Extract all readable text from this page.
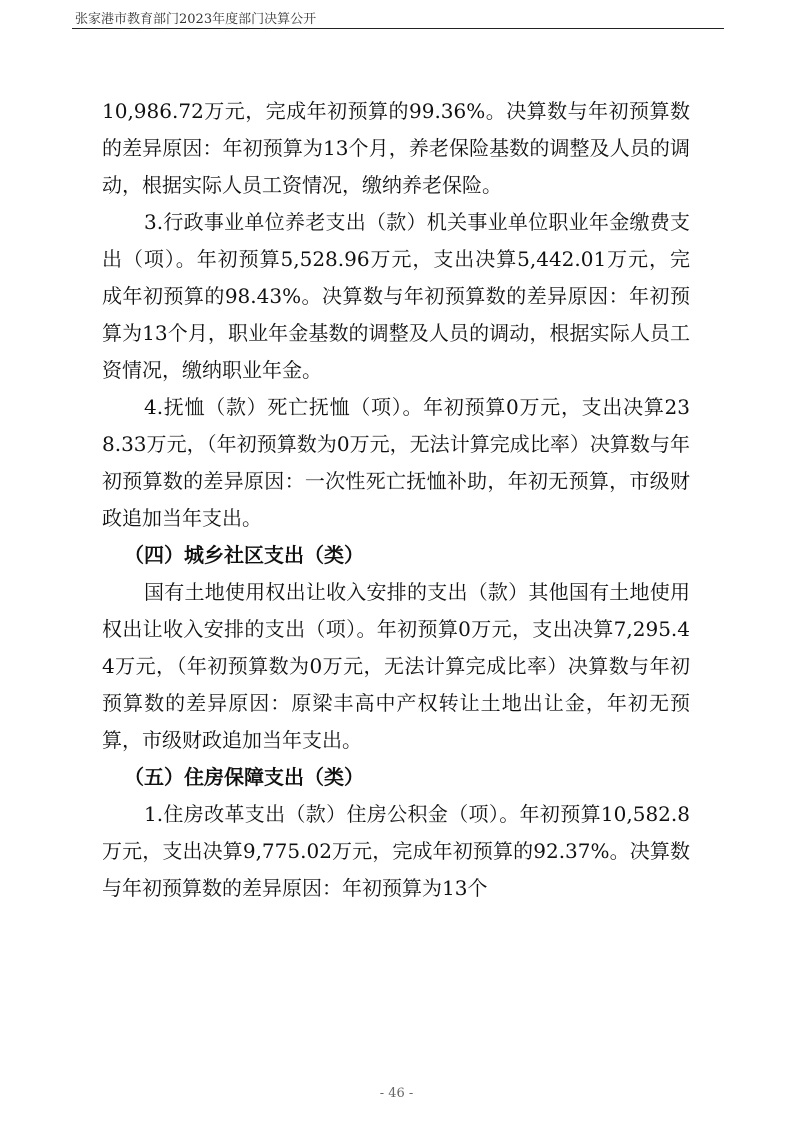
张家港市教育部门2023年度部门决算公开

10,986.72万元，完成年初预算的99.36%。决算数与年初预算数的差异原因：年初预算为13个月，养老保险基数的调整及人员的调动，根据实际人员工资情况，缴纳养老保险。

3.行政事业单位养老支出（款）机关事业单位职业年金缴费支出（项）。年初预算5,528.96万元，支出决算5,442.01万元，完成年初预算的98.43%。决算数与年初预算数的差异原因：年初预算为13个月，职业年金基数的调整及人员的调动，根据实际人员工资情况，缴纳职业年金。

4.抚恤（款）死亡抚恤（项）。年初预算0万元，支出决算238.33万元，（年初预算数为0万元，无法计算完成比率）决算数与年初预算数的差异原因：一次性死亡抚恤补助，年初无预算，市级财政追加当年支出。

（四）城乡社区支出（类）

国有土地使用权出让收入安排的支出（款）其他国有土地使用权出让收入安排的支出（项）。年初预算0万元，支出决算7,295.44万元，（年初预算数为0万元，无法计算完成比率）决算数与年初预算数的差异原因：原梁丰高中产权转让土地出让金，年初无预算，市级财政追加当年支出。

（五）住房保障支出（类）

1.住房改革支出（款）住房公积金（项）。年初预算10,582.8万元，支出决算9,775.02万元，完成年初预算的92.37%。决算数与年初预算数的差异原因：年初预算为13个

- 46 -
